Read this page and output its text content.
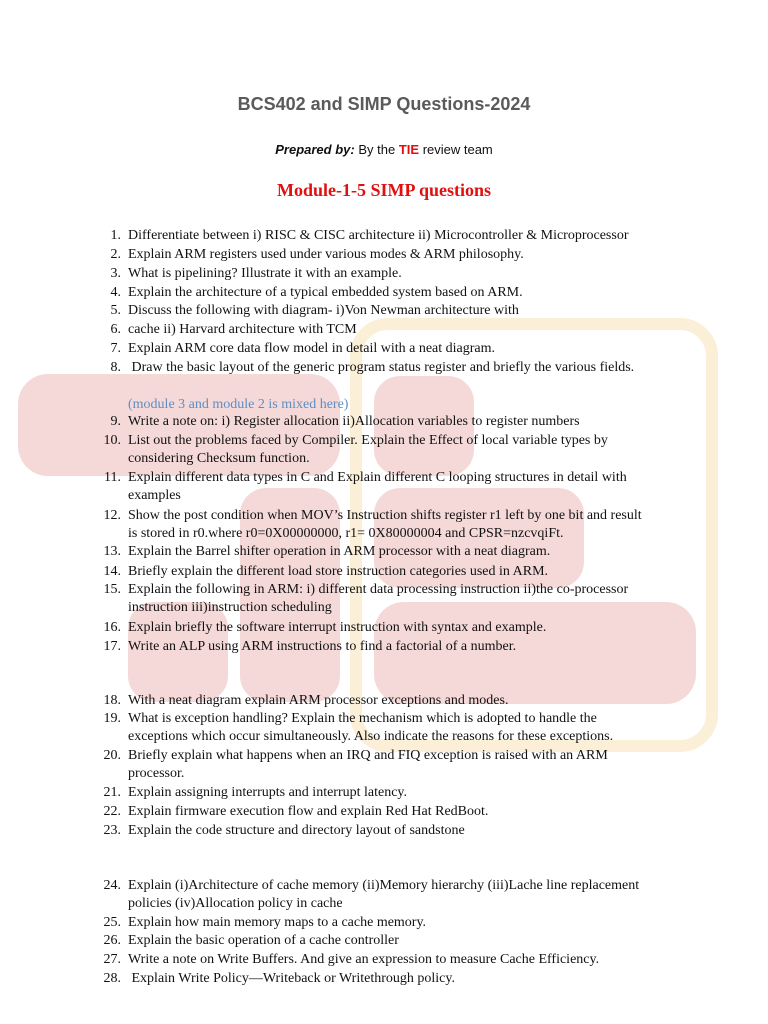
BCS402 and SIMP Questions-2024
Prepared by: By the TIE review team
Module-1-5 SIMP questions
(module 3 and module 2 is mixed here)
1. Differentiate between i) RISC & CISC architecture ii) Microcontroller & Microprocessor
2. Explain ARM registers used under various modes & ARM philosophy.
3. What is pipelining? Illustrate it with an example.
4. Explain the architecture of a typical embedded system based on ARM.
5. Discuss the following with diagram- i)Von Newman architecture with
6. cache ii) Harvard architecture with TCM
7. Explain ARM core data flow model in detail with a neat diagram.
8. Draw the basic layout of the generic program status register and briefly the various fields.
9. Write a note on: i) Register allocation ii)Allocation variables to register numbers
10. List out the problems faced by Compiler. Explain the Effect of local variable types by
considering Checksum function.
11. Explain different data types in C and Explain different C looping structures in detail with
examples
12. Show the post condition when MOV’s Instruction shifts register r1 left by one bit and result
is stored in r0.where r0=0X00000000, r1= 0X80000004 and CPSR=nzcvqiFt.
13. Explain the Barrel shifter operation in ARM processor with a neat diagram.
14. Briefly explain the different load store instruction categories used in ARM.
15. Explain the following in ARM: i) different data processing instruction ii)the co-processor
instruction iii)instruction scheduling
16. Explain briefly the software interrupt instruction with syntax and example.
17. Write an ALP using ARM instructions to find a factorial of a number.
18. With a neat diagram explain ARM processor exceptions and modes.
19. What is exception handling? Explain the mechanism which is adopted to handle the
exceptions which occur simultaneously. Also indicate the reasons for these exceptions.
20. Briefly explain what happens when an IRQ and FIQ exception is raised with an ARM
processor.
21. Explain assigning interrupts and interrupt latency.
22. Explain firmware execution flow and explain Red Hat RedBoot.
23. Explain the code structure and directory layout of sandstone
24. Explain (i)Architecture of cache memory (ii)Memory hierarchy (iii)Lache line replacement
policies (iv)Allocation policy in cache
25. Explain how main memory maps to a cache memory.
26. Explain the basic operation of a cache controller
27. Write a note on Write Buffers. And give an expression to measure Cache Efficiency.
28. Explain Write Policy—Writeback or Writethrough policy.
